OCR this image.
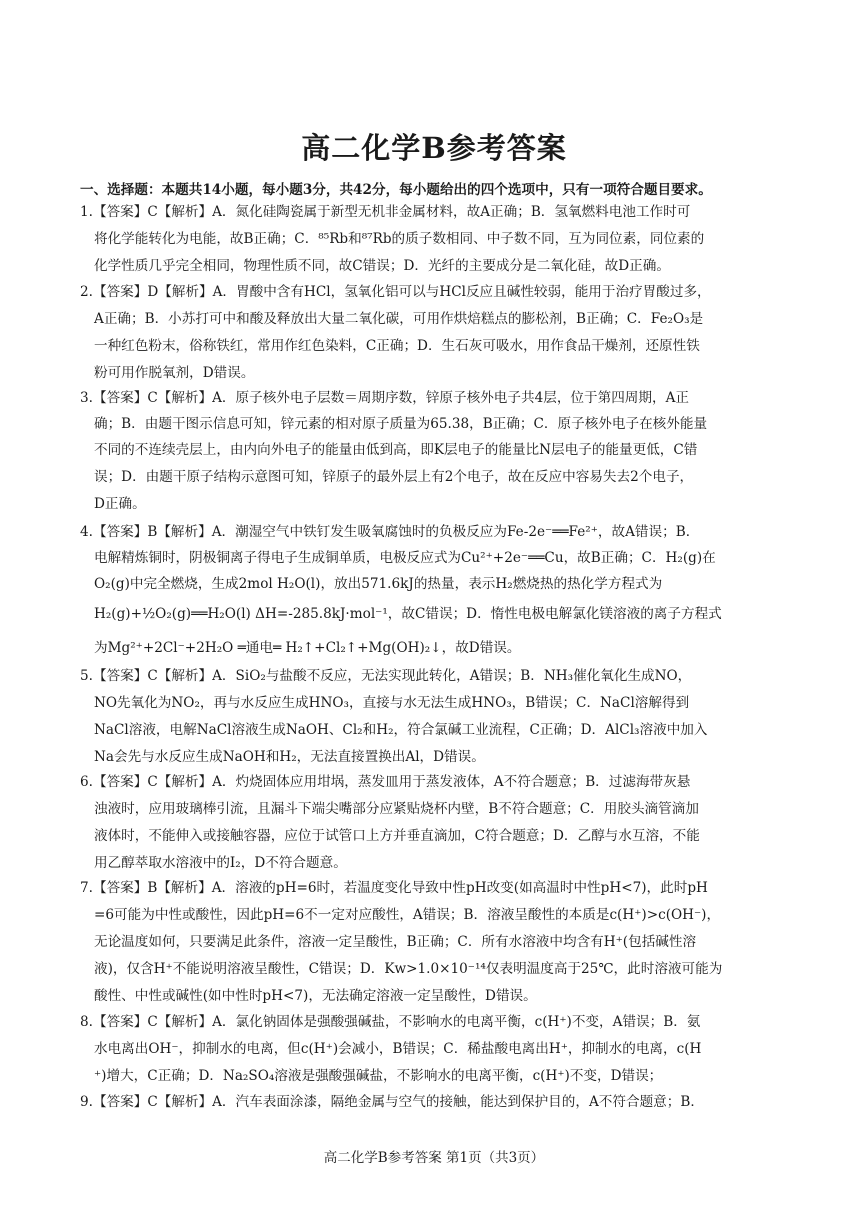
高二化学B参考答案
一、选择题：本题共14小题，每小题3分，共42分，每小题给出的四个选项中，只有一项符合题目要求。
1.【答案】C【解析】A．氮化硅陶瓷属于新型无机非金属材料，故A正确；B．氢氧燃料电池工作时可
将化学能转化为电能，故B正确；C．⁸⁵Rb和⁸⁷Rb的质子数相同、中子数不同，互为同位素，同位素的
化学性质几乎完全相同，物理性质不同，故C错误；D．光纤的主要成分是二氧化硅，故D正确。
2.【答案】D【解析】A．胃酸中含有HCl，氢氧化铝可以与HCl反应且碱性较弱，能用于治疗胃酸过多，
A正确；B．小苏打可中和酸及释放出大量二氧化碳，可用作烘焙糕点的膨松剂，B正确；C．Fe₂O₃是
一种红色粉末，俗称铁红，常用作红色染料，C正确；D．生石灰可吸水，用作食品干燥剂，还原性铁
粉可用作脱氧剂，D错误。
3.【答案】C【解析】A．原子核外电子层数＝周期序数，锌原子核外电子共4层，位于第四周期，A正
确；B．由题干图示信息可知，锌元素的相对原子质量为65.38，B正确；C．原子核外电子在核外能量
不同的不连续壳层上，由内向外电子的能量由低到高，即K层电子的能量比N层电子的能量更低，C错
误；D．由题干原子结构示意图可知，锌原子的最外层上有2个电子，故在反应中容易失去2个电子，
D正确。
4.【答案】B【解析】A．潮湿空气中铁钉发生吸氧腐蚀时的负极反应为Fe-2e⁻══Fe²⁺，故A错误；B．
电解精炼铜时，阴极铜离子得电子生成铜单质，电极反应式为Cu²⁺+2e⁻══Cu，故B正确；C．H₂(g)在
O₂(g)中完全燃烧，生成2mol H₂O(l)，放出571.6kJ的热量，表示H₂燃烧热的热化学方程式为
H₂(g)+½O₂(g)══H₂O(l) ΔH=-285.8kJ·mol⁻¹，故C错误；D．惰性电极电解氯化镁溶液的离子方程式
为Mg²⁺+2Cl⁻+2H₂O ═通电═ H₂↑+Cl₂↑+Mg(OH)₂↓，故D错误。
5.【答案】C【解析】A．SiO₂与盐酸不反应，无法实现此转化，A错误；B．NH₃催化氧化生成NO，
NO先氧化为NO₂，再与水反应生成HNO₃，直接与水无法生成HNO₃，B错误；C．NaCl溶解得到
NaCl溶液，电解NaCl溶液生成NaOH、Cl₂和H₂，符合氯碱工业流程，C正确；D．AlCl₃溶液中加入
Na会先与水反应生成NaOH和H₂，无法直接置换出Al，D错误。
6.【答案】C【解析】A．灼烧固体应用坩埚，蒸发皿用于蒸发液体，A不符合题意；B．过滤海带灰悬
浊液时，应用玻璃棒引流，且漏斗下端尖嘴部分应紧贴烧杯内壁，B不符合题意；C．用胶头滴管滴加
液体时，不能伸入或接触容器，应位于试管口上方并垂直滴加，C符合题意；D．乙醇与水互溶，不能
用乙醇萃取水溶液中的I₂，D不符合题意。
7.【答案】B【解析】A．溶液的pH=6时，若温度变化导致中性pH改变(如高温时中性pH<7)，此时pH
=6可能为中性或酸性，因此pH=6不一定对应酸性，A错误；B．溶液呈酸性的本质是c(H⁺)>c(OH⁻)，
无论温度如何，只要满足此条件，溶液一定呈酸性，B正确；C．所有水溶液中均含有H⁺(包括碱性溶
液)，仅含H⁺不能说明溶液呈酸性，C错误；D．Kw>1.0×10⁻¹⁴仅表明温度高于25℃，此时溶液可能为
酸性、中性或碱性(如中性时pH<7)，无法确定溶液一定呈酸性，D错误。
8.【答案】C【解析】A．氯化钠固体是强酸强碱盐，不影响水的电离平衡，c(H⁺)不变，A错误；B．氨
水电离出OH⁻，抑制水的电离，但c(H⁺)会减小，B错误；C．稀盐酸电离出H⁺，抑制水的电离，c(H
⁺)增大，C正确；D．Na₂SO₄溶液是强酸强碱盐，不影响水的电离平衡，c(H⁺)不变，D错误；
9.【答案】C【解析】A．汽车表面涂漆，隔绝金属与空气的接触，能达到保护目的，A不符合题意；B．
高二化学B参考答案 第1页（共3页）
